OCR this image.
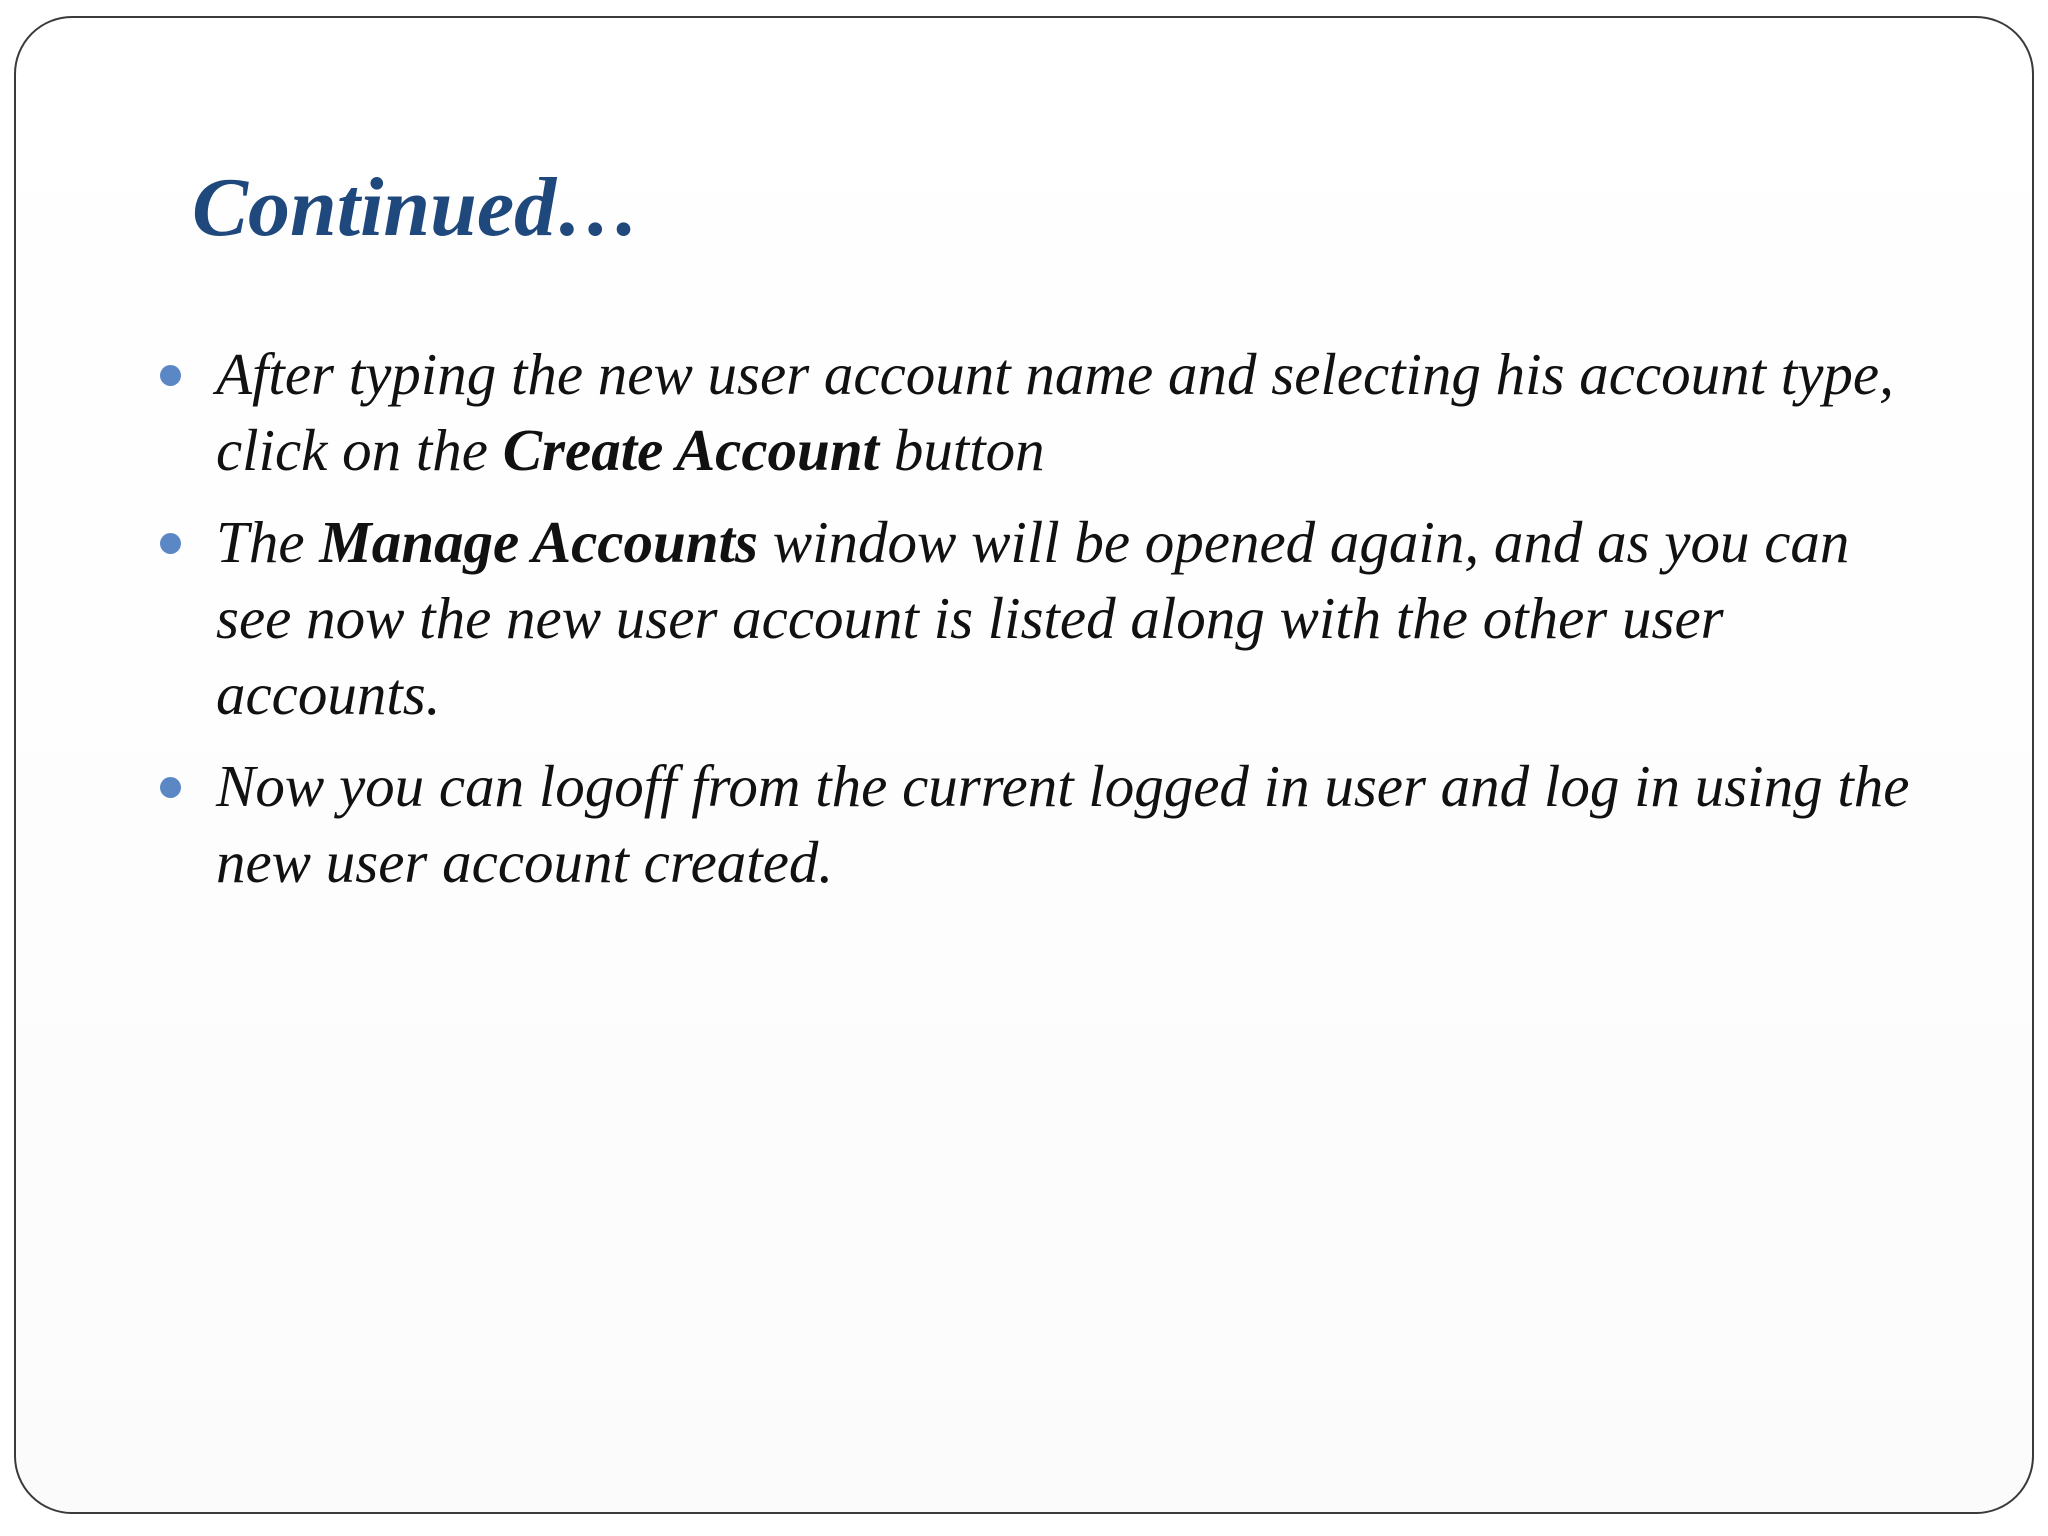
Continued…
After typing the new user account name and selecting his account type, click on the Create Account button
The Manage Accounts window will be opened again, and as you can see now the new user account is listed along with the other user accounts.
Now you can logoff from the current logged in user and log in using the new user account created.
